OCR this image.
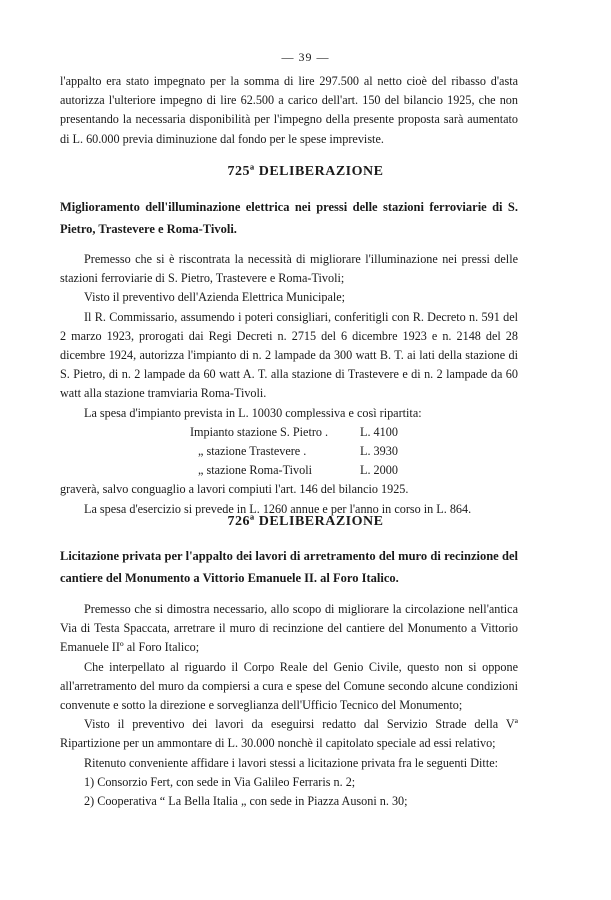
— 39 —

l'appalto era stato impegnato per la somma di lire 297.500 al netto cioè del ribasso d'asta autorizza l'ulteriore impegno di lire 62.500 a carico dell'art. 150 del bilancio 1925, che non presentando la necessaria disponibilità per l'impegno della presente proposta sarà aumentato di L. 60.000 previa diminuzione dal fondo per le spese impreviste.

725ª DELIBERAZIONE
Miglioramento dell'illuminazione elettrica nei pressi delle stazioni ferroviarie di S. Pietro, Trastevere e Roma-Tivoli.

Premesso che si è riscontrata la necessità di migliorare l'illuminazione nei pressi delle stazioni ferroviarie di S. Pietro, Trastevere e Roma-Tivoli;

Visto il preventivo dell'Azienda Elettrica Municipale;

Il R. Commissario, assumendo i poteri consigliari, conferitigli con R. Decreto n. 591 del 2 marzo 1923, prorogati dai Regi Decreti n. 2715 del 6 dicembre 1923 e n. 2148 del 28 dicembre 1924, autorizza l'impianto di n. 2 lampade da 300 watt B. T. ai lati della stazione di S. Pietro, di n. 2 lampade da 60 watt A. T. alla stazione di Trastevere e di n. 2 lampade da 60 watt alla stazione tramviaria Roma-Tivoli.

La spesa d'impianto prevista in L. 10030 complessiva e così ripartita:

Impianto stazione S. Pietro .	L. 4100
„ stazione Trastevere .	L. 3930
„ stazione Roma-Tivoli	L. 2000

graverà, salvo conguaglio a lavori compiuti l'art. 146 del bilancio 1925.

La spesa d'esercizio si prevede in L. 1260 annue e per l'anno in corso in L. 864.

726ª DELIBERAZIONE
Licitazione privata per l'appalto dei lavori di arretramento del muro di recinzione del cantiere del Monumento a Vittorio Emanuele II. al Foro Italico.

Premesso che si dimostra necessario, allo scopo di migliorare la circolazione nell'antica Via di Testa Spaccata, arretrare il muro di recinzione del cantiere del Monumento a Vittorio Emanuele IIº al Foro Italico;

Che interpellato al riguardo il Corpo Reale del Genio Civile, questo non si oppone all'arretramento del muro da compiersi a cura e spese del Comune secondo alcune condizioni convenute e sotto la direzione e sorveglianza dell'Ufficio Tecnico del Monumento;

Visto il preventivo dei lavori da eseguirsi redatto dal Servizio Strade della Vª Ripartizione per un ammontare di L. 30.000 nonchè il capitolato speciale ad essi relativo;

Ritenuto conveniente affidare i lavori stessi a licitazione privata fra le seguenti Ditte:

1) Consorzio Fert, con sede in Via Galileo Ferraris n. 2;

2) Cooperativa “ La Bella Italia „ con sede in Piazza Ausoni n. 30;
